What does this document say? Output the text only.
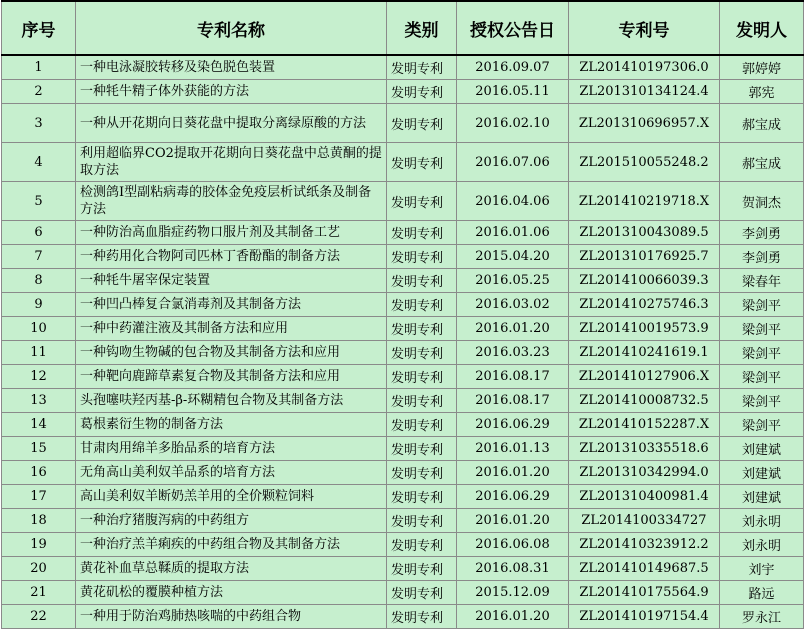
序号	专利名称	类别	授权公告日	专利号	发明人
1	一种电泳凝胶转移及染色脱色装置	发明专利	2016.09.07	ZL201410197306.0	郭婷婷
2	一种牦牛精子体外获能的方法	发明专利	2016.05.11	ZL201310134124.4	郭宪
3	一种从开花期向日葵花盘中提取分离绿原酸的方法	发明专利	2016.02.10	ZL201310696957.X	郝宝成
4	利用超临界CO2提取开花期向日葵花盘中总黄酮的提取方法	发明专利	2016.07.06	ZL201510055248.2	郝宝成
5	检测鸽I型副粘病毒的胶体金免疫层析试纸条及制备方法	发明专利	2016.04.06	ZL201410219718.X	贺洞杰
6	一种防治高血脂症药物口服片剂及其制备工艺	发明专利	2016.01.06	ZL201310043089.5	李剑勇
7	一种药用化合物阿司匹林丁香酚酯的制备方法	发明专利	2015.04.20	ZL201310176925.7	李剑勇
8	一种牦牛屠宰保定装置	发明专利	2016.05.25	ZL201410066039.3	梁春年
9	一种凹凸棒复合氯消毒剂及其制备方法	发明专利	2016.03.02	ZL201410275746.3	梁剑平
10	一种中药灌注液及其制备方法和应用	发明专利	2016.01.20	ZL201410019573.9	梁剑平
11	一种钩吻生物碱的包合物及其制备方法和应用	发明专利	2016.03.23	ZL201410241619.1	梁剑平
12	一种靶向鹿蹄草素复合物及其制备方法和应用	发明专利	2016.08.17	ZL201410127906.X	梁剑平
13	头孢噻呋羟丙基-β-环糊精包合物及其制备方法	发明专利	2016.08.17	ZL201410008732.5	梁剑平
14	葛根素衍生物的制备方法	发明专利	2016.06.29	ZL201410152287.X	梁剑平
15	甘肃肉用绵羊多胎品系的培育方法	发明专利	2016.01.13	ZL201310335518.6	刘建斌
16	无角高山美利奴羊品系的培育方法	发明专利	2016.01.20	ZL201310342994.0	刘建斌
17	高山美利奴羊断奶羔羊用的全价颗粒饲料	发明专利	2016.06.29	ZL201310400981.4	刘建斌
18	一种治疗猪腹泻病的中药组方	发明专利	2016.01.20	ZL2014100334727	刘永明
19	一种治疗羔羊痢疾的中药组合物及其制备方法	发明专利	2016.06.08	ZL201410323912.2	刘永明
20	黄花补血草总鞣质的提取方法	发明专利	2016.08.31	ZL201410149687.5	刘宇
21	黄花矶松的覆膜种植方法	发明专利	2015.12.09	ZL201410175564.9	路远
22	一种用于防治鸡肺热咳喘的中药组合物	发明专利	2016.01.20	ZL201410197154.4	罗永江
